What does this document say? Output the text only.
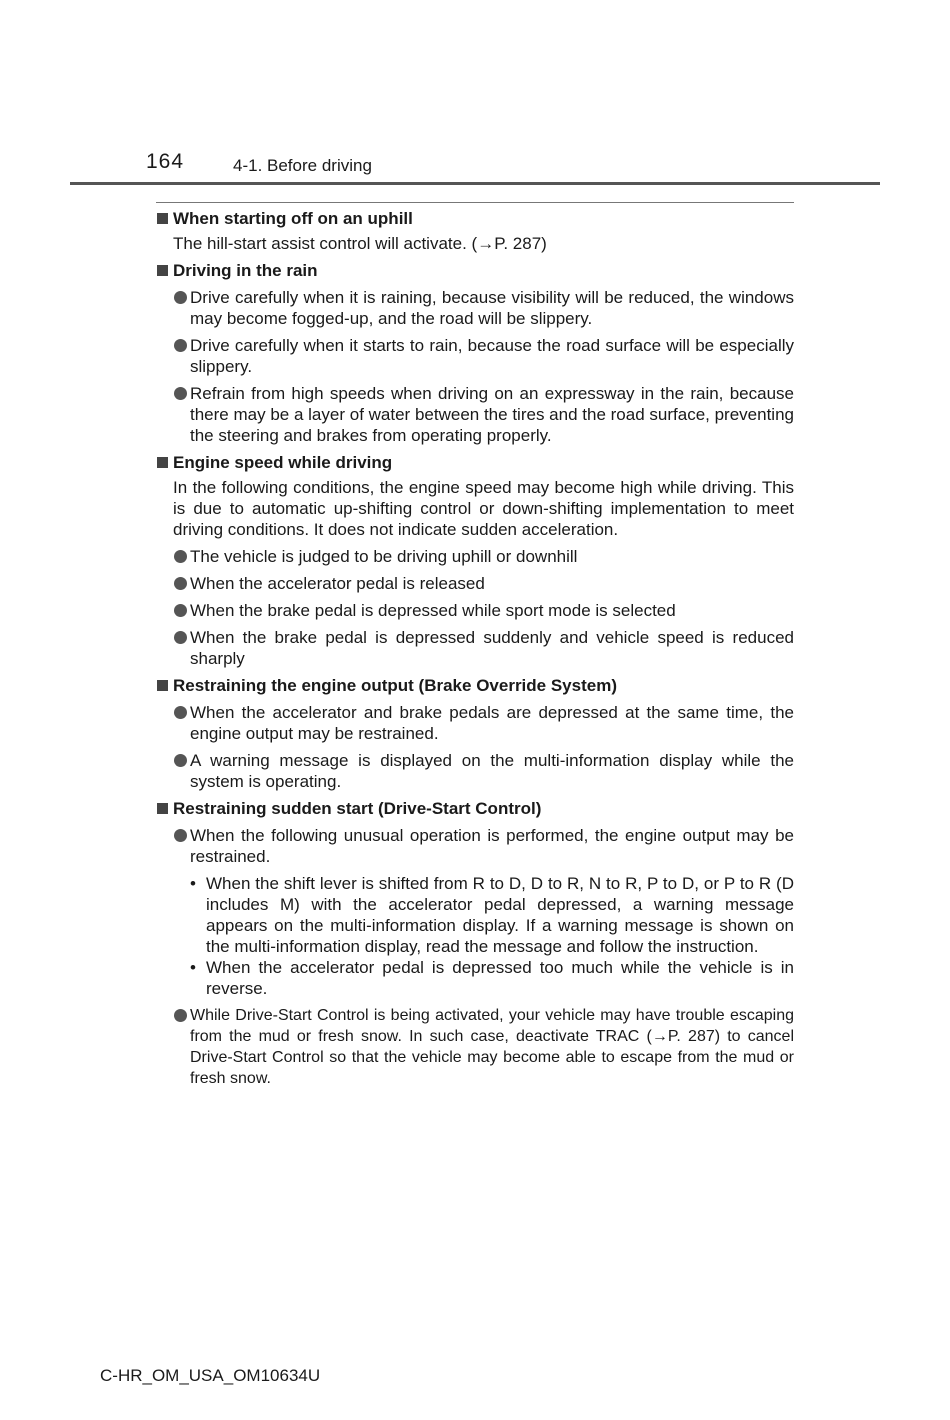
164	4-1. Before driving
When starting off on an uphill
The hill-start assist control will activate. (→P. 287)
Driving in the rain
Drive carefully when it is raining, because visibility will be reduced, the windows may become fogged-up, and the road will be slippery.
Drive carefully when it starts to rain, because the road surface will be especially slippery.
Refrain from high speeds when driving on an expressway in the rain, because there may be a layer of water between the tires and the road surface, preventing the steering and brakes from operating properly.
Engine speed while driving
In the following conditions, the engine speed may become high while driving. This is due to automatic up-shifting control or down-shifting implementation to meet driving conditions. It does not indicate sudden acceleration.
The vehicle is judged to be driving uphill or downhill
When the accelerator pedal is released
When the brake pedal is depressed while sport mode is selected
When the brake pedal is depressed suddenly and vehicle speed is reduced sharply
Restraining the engine output (Brake Override System)
When the accelerator and brake pedals are depressed at the same time, the engine output may be restrained.
A warning message is displayed on the multi-information display while the system is operating.
Restraining sudden start (Drive-Start Control)
When the following unusual operation is performed, the engine output may be restrained.
• When the shift lever is shifted from R to D, D to R, N to R, P to D, or P to R (D includes M) with the accelerator pedal depressed, a warning message appears on the multi-information display. If a warning message is shown on the multi-information display, read the message and follow the instruction.
• When the accelerator pedal is depressed too much while the vehicle is in reverse.
While Drive-Start Control is being activated, your vehicle may have trouble escaping from the mud or fresh snow. In such case, deactivate TRAC (→P. 287) to cancel Drive-Start Control so that the vehicle may become able to escape from the mud or fresh snow.
C-HR_OM_USA_OM10634U
